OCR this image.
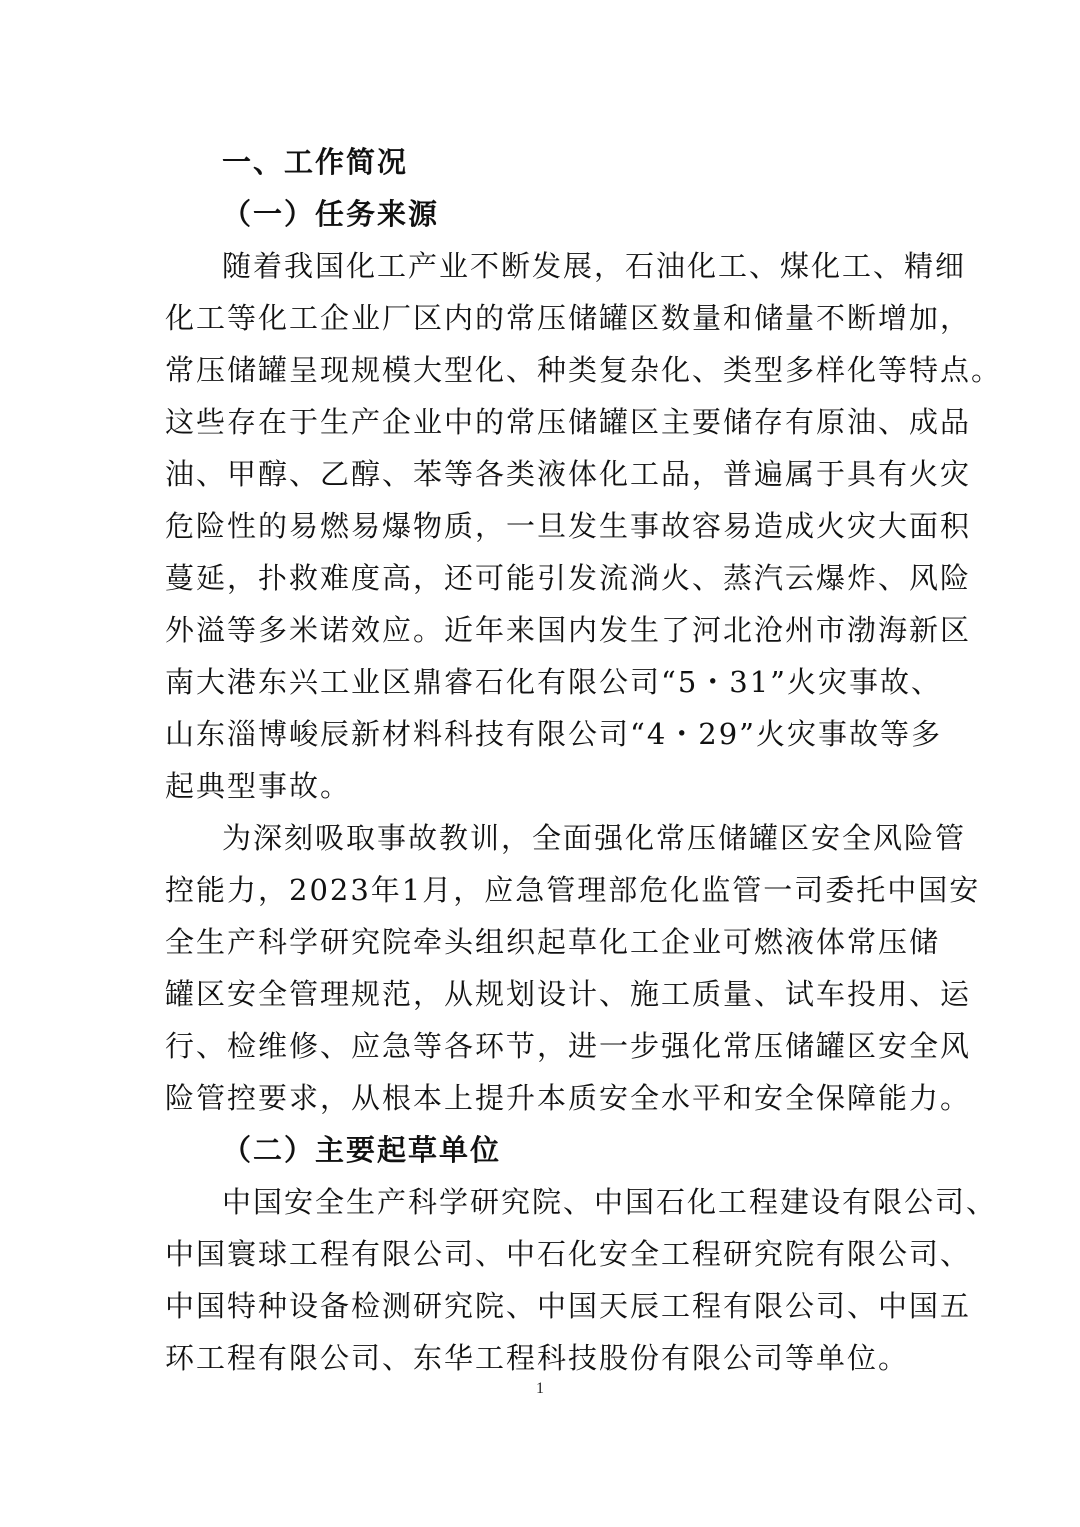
一、工作简况
（一）任务来源
随着我国化工产业不断发展，石油化工、煤化工、精细
化工等化工企业厂区内的常压储罐区数量和储量不断增加，
常压储罐呈现规模大型化、种类复杂化、类型多样化等特点。
这些存在于生产企业中的常压储罐区主要储存有原油、成品
油、甲醇、乙醇、苯等各类液体化工品，普遍属于具有火灾
危险性的易燃易爆物质，一旦发生事故容易造成火灾大面积
蔓延，扑救难度高，还可能引发流淌火、蒸汽云爆炸、风险
外溢等多米诺效应。近年来国内发生了河北沧州市渤海新区
南大港东兴工业区鼎睿石化有限公司“5・31”火灾事故、
山东淄博峻辰新材料科技有限公司“4・29”火灾事故等多
起典型事故。
为深刻吸取事故教训，全面强化常压储罐区安全风险管
控能力，2023年1月，应急管理部危化监管一司委托中国安
全生产科学研究院牵头组织起草化工企业可燃液体常压储
罐区安全管理规范，从规划设计、施工质量、试车投用、运
行、检维修、应急等各环节，进一步强化常压储罐区安全风
险管控要求，从根本上提升本质安全水平和安全保障能力。
（二）主要起草单位
中国安全生产科学研究院、中国石化工程建设有限公司、
中国寰球工程有限公司、中石化安全工程研究院有限公司、
中国特种设备检测研究院、中国天辰工程有限公司、中国五
环工程有限公司、东华工程科技股份有限公司等单位。
1
